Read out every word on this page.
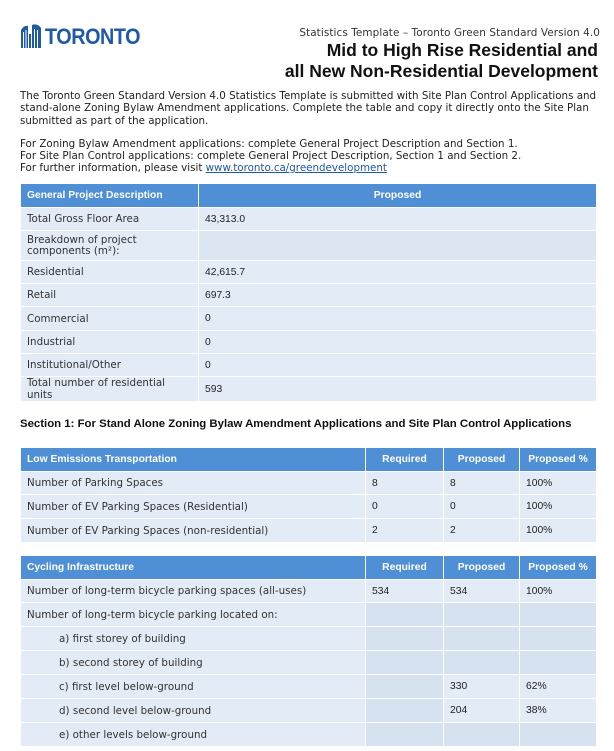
TORONTO	Statistics Template – Toronto Green Standard Version 4.0
Mid to High Rise Residential and
all New Non-Residential Development
The Toronto Green Standard Version 4.0 Statistics Template is submitted with Site Plan Control Applications and stand-alone Zoning Bylaw Amendment applications. Complete the table and copy it directly onto the Site Plan submitted as part of the application.
For Zoning Bylaw Amendment applications: complete General Project Description and Section 1.
For Site Plan Control applications: complete General Project Description, Section 1 and Section 2.
For further information, please visit www.toronto.ca/greendevelopment
General Project Description	Proposed
Total Gross Floor Area	43,313.0
Breakdown of project components (m²):	
Residential	42,615.7
Retail	697.3
Commercial	0
Industrial	0
Institutional/Other	0
Total number of residential units	593
Section 1: For Stand Alone Zoning Bylaw Amendment Applications and Site Plan Control Applications
Low Emissions Transportation	Required	Proposed	Proposed %
Number of Parking Spaces	8	8	100%
Number of EV Parking Spaces (Residential)	0	0	100%
Number of EV Parking Spaces (non-residential)	2	2	100%
Cycling Infrastructure	Required	Proposed	Proposed %
Number of long-term bicycle parking spaces (all-uses)	534	534	100%
Number of long-term bicycle parking located on:			
a) first storey of building			
b) second storey of building			
c) first level below-ground		330	62%
d) second level below-ground		204	38%
e) other levels below-ground			
